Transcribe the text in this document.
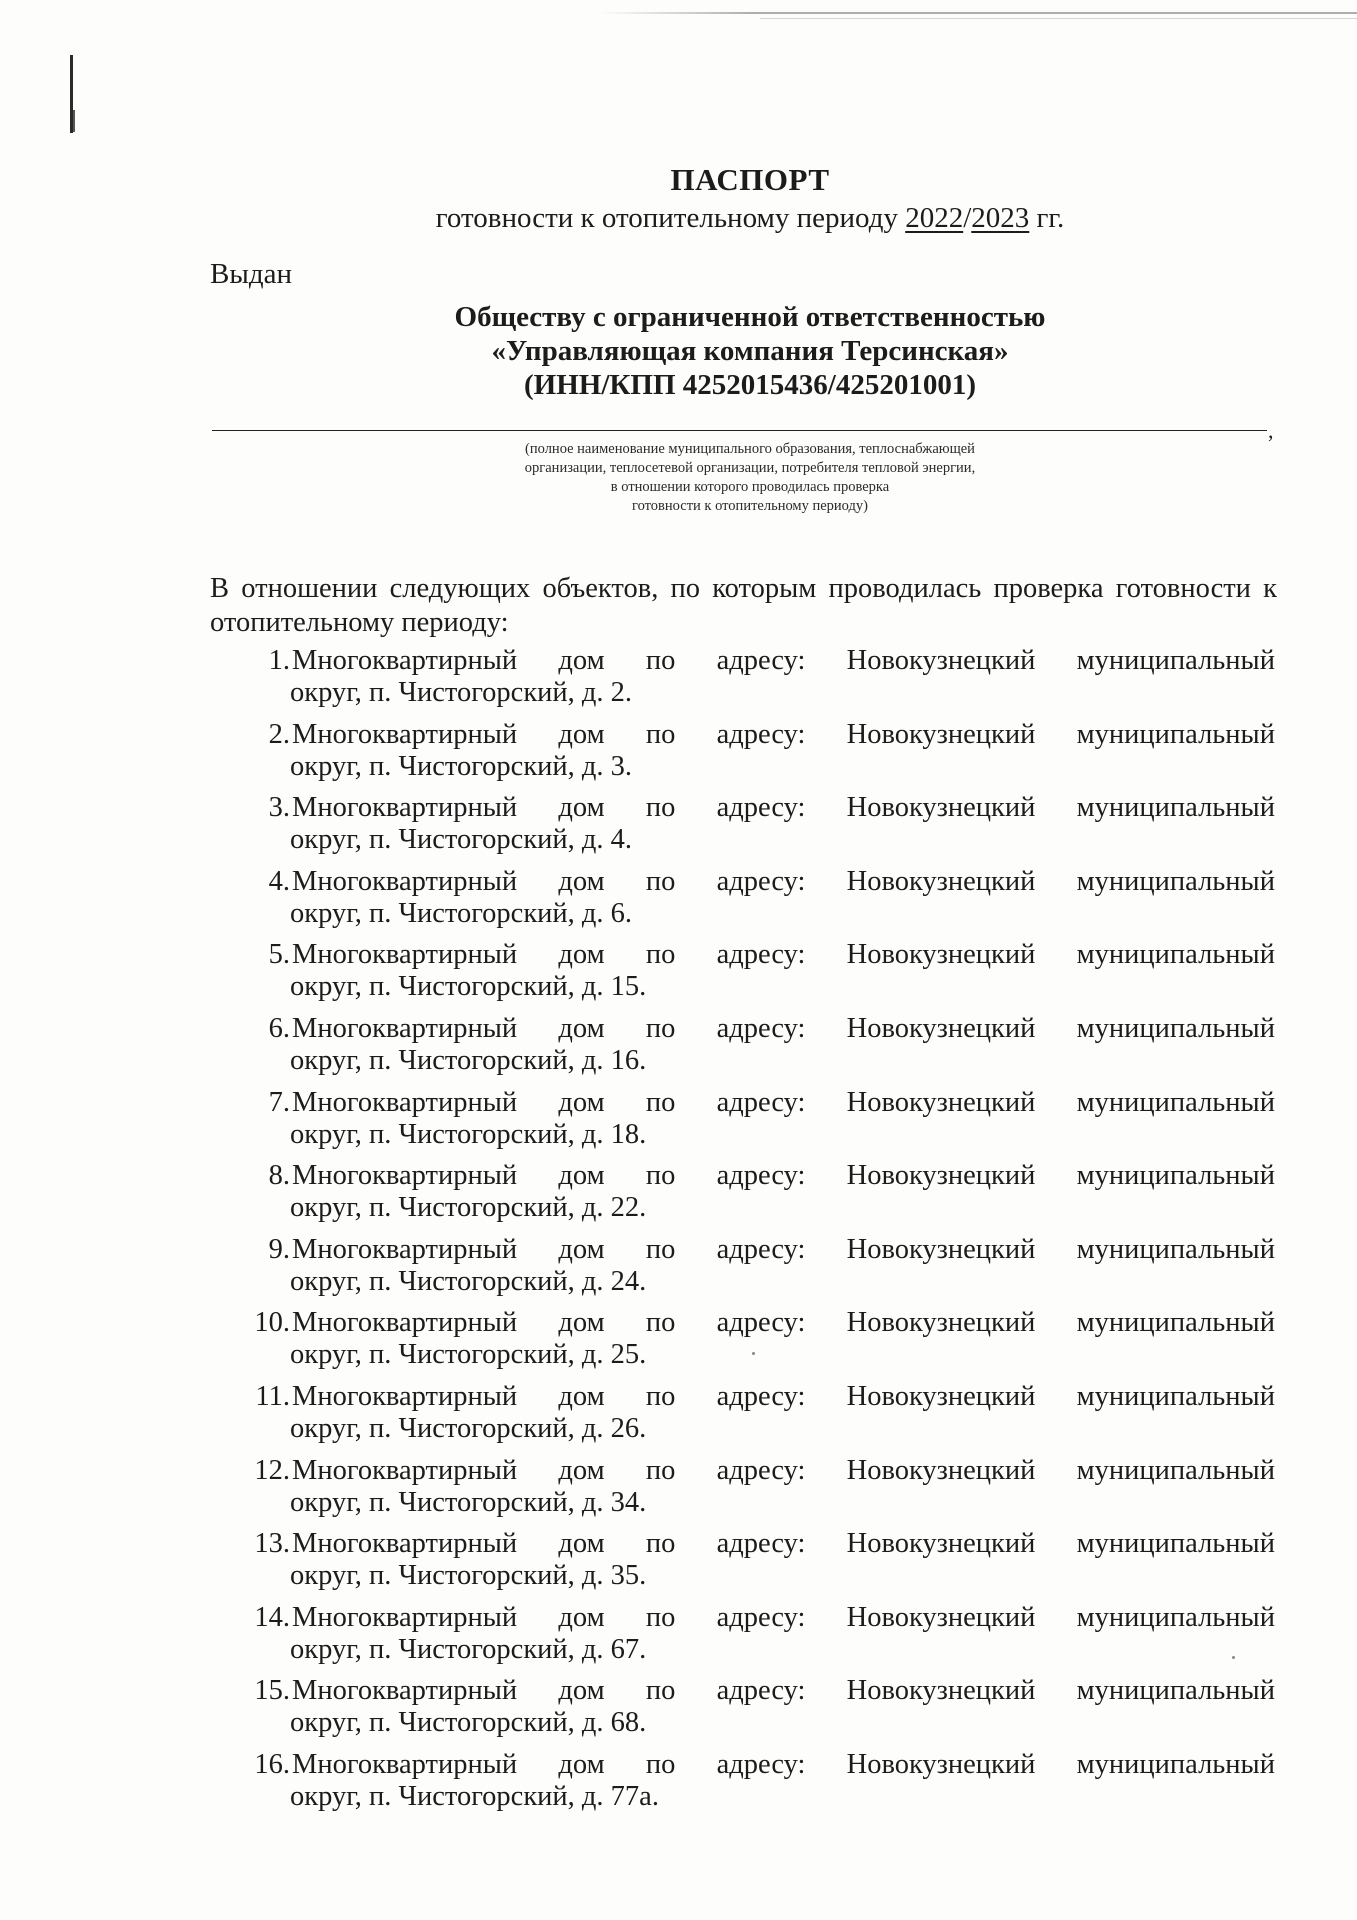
ПАСПОРТ
готовности к отопительному периоду 2022/2023 гг.
Выдан
Обществу с ограниченной ответственностью
«Управляющая компания Терсинская»
(ИНН/КПП 4252015436/425201001)
,
(полное наименование муниципального образования, теплоснабжающей
организации, теплосетевой организации, потребителя тепловой энергии,
в отношении которого проводилась проверка
готовности к отопительному периоду)
В отношении следующих объектов, по которым проводилась проверка готовности к отопительному периоду:
1. Многоквартирный дом по адресу: Новокузнецкий муниципальный
округ, п. Чистогорский, д. 2.
2. Многоквартирный дом по адресу: Новокузнецкий муниципальный
округ, п. Чистогорский, д. 3.
3. Многоквартирный дом по адресу: Новокузнецкий муниципальный
округ, п. Чистогорский, д. 4.
4. Многоквартирный дом по адресу: Новокузнецкий муниципальный
округ, п. Чистогорский, д. 6.
5. Многоквартирный дом по адресу: Новокузнецкий муниципальный
округ, п. Чистогорский, д. 15.
6. Многоквартирный дом по адресу: Новокузнецкий муниципальный
округ, п. Чистогорский, д. 16.
7. Многоквартирный дом по адресу: Новокузнецкий муниципальный
округ, п. Чистогорский, д. 18.
8. Многоквартирный дом по адресу: Новокузнецкий муниципальный
округ, п. Чистогорский, д. 22.
9. Многоквартирный дом по адресу: Новокузнецкий муниципальный
округ, п. Чистогорский, д. 24.
10. Многоквартирный дом по адресу: Новокузнецкий муниципальный
округ, п. Чистогорский, д. 25.
11. Многоквартирный дом по адресу: Новокузнецкий муниципальный
округ, п. Чистогорский, д. 26.
12. Многоквартирный дом по адресу: Новокузнецкий муниципальный
округ, п. Чистогорский, д. 34.
13. Многоквартирный дом по адресу: Новокузнецкий муниципальный
округ, п. Чистогорский, д. 35.
14. Многоквартирный дом по адресу: Новокузнецкий муниципальный
округ, п. Чистогорский, д. 67.
15. Многоквартирный дом по адресу: Новокузнецкий муниципальный
округ, п. Чистогорский, д. 68.
16. Многоквартирный дом по адресу: Новокузнецкий муниципальный
округ, п. Чистогорский, д. 77а.
